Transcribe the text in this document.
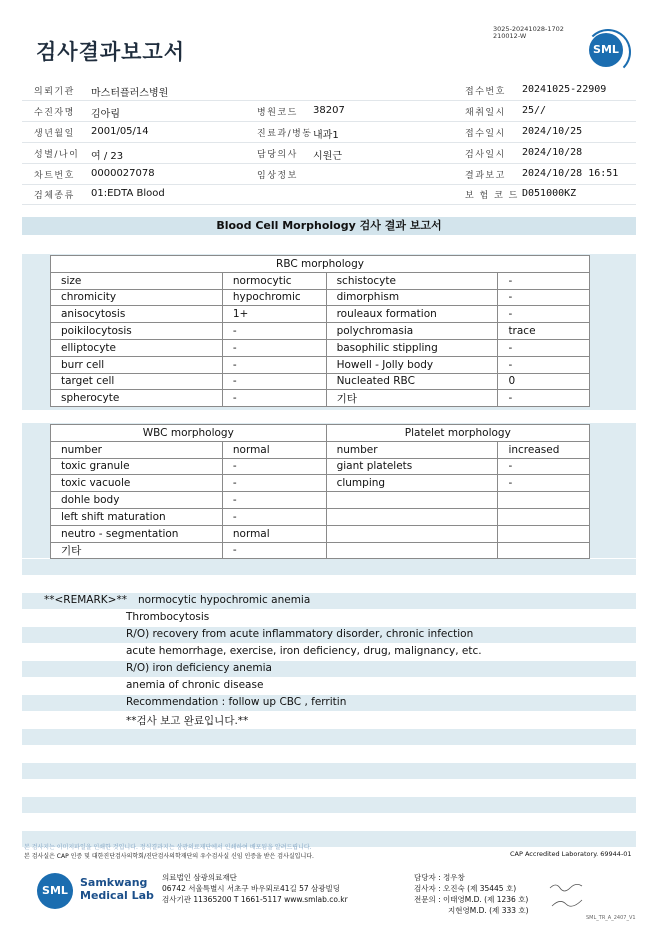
검사결과보고서
3025-20241028-1702
210012-W
SML
의뢰기관 마스터플러스병원	접수번호 20241025-22909
수진자명 김아림	병원코드 38207	채취일시 25//
생년월일 2001/05/14	진료과/병동 내과1	접수일시 2024/10/25
성별/나이 여 / 23	담당의사 시원근	검사일시 2024/10/28
차트번호 0000027078	임상정보	결과보고 2024/10/28 16:51
검체종류 01:EDTA Blood	보 험 코 드 D051000KZ
Blood Cell Morphology 검사 결과 보고서
RBC morphology			
size	normocytic	schistocyte	-
chromicity	hypochromic	dimorphism	-
anisocytosis	1+	rouleaux formation	-
poikilocytosis	-	polychromasia	trace
elliptocyte	-	basophilic stippling	-
burr cell	-	Howell - Jolly body	-
target cell	-	Nucleated RBC	0
spherocyte	-	기타	-
WBC morphology		Platelet morphology	
number	normal	number	increased
toxic granule	-	giant platelets	-
toxic vacuole	-	clumping	-
dohle body	-		
left shift maturation	-		
neutro - segmentation	normal		
기타	-		
**<REMARK>** normocytic hypochromic anemia
Thrombocytosis
R/O) recovery from acute inflammatory disorder, chronic infection
acute hemorrhage, exercise, iron deficiency, drug, malignancy, etc.
R/O) iron deficiency anemia
anemia of chronic disease
Recommendation : follow up CBC , ferritin
**검사 보고 완료입니다.**
본 검사지는 이미지파일을 인쇄한 것입니다. 정식결과지는 삼광의료재단에서 인쇄하여 배포됨을 알려드립니다.
본 검사실은 CAP 인증 및 대한진단검사의학회/진단검사의학재단의 우수검사실 신임 인증을 받은 검사실입니다.	CAP Accredited Laboratory. 69944-01
SML
Samkwang
Medical Lab
의료법인 삼광의료재단
06742 서울특별시 서초구 바우뫼로41길 57 삼광빌딩
검사기관 11365200 T 1661-5117 www.smlab.co.kr
담당자 : 정우창
검사자 : 오진숙 (제 35445 호)
전문의 : 이태영M.D. (제 1236 호)
지현영M.D. (제 333 호)
SML_TR_A_2407_V1
